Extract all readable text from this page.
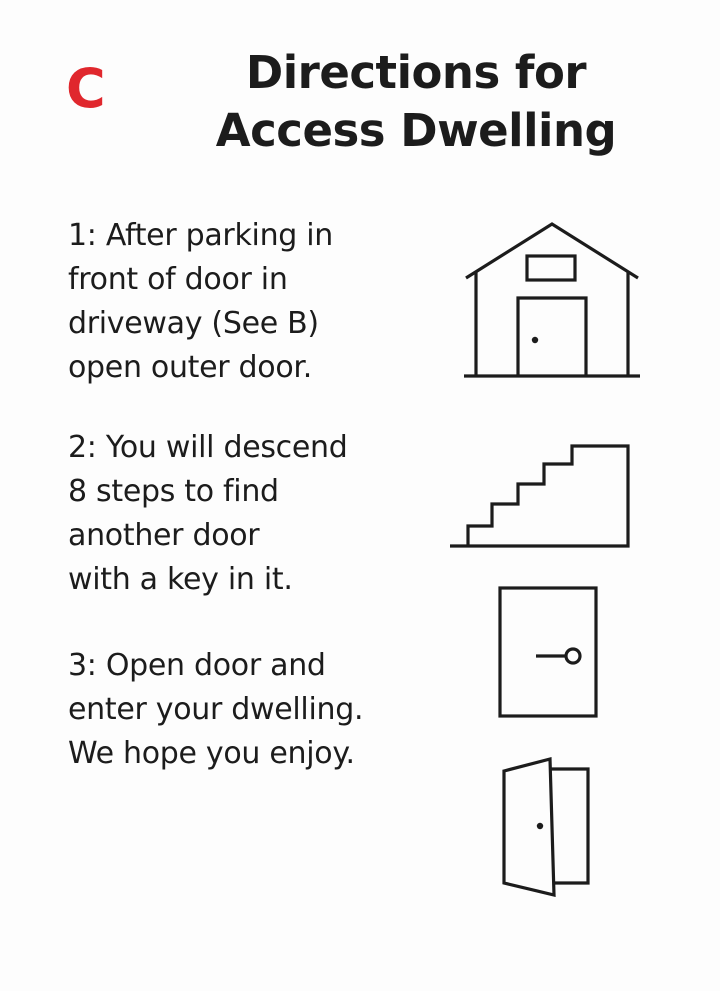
C	Directions for
Access Dwelling

1: After parking in
front of door in
driveway (See B)
open outer door.

2: You will descend
8 steps to find
another door
with a key in it.

3: Open door and
enter your dwelling.
We hope you enjoy.
